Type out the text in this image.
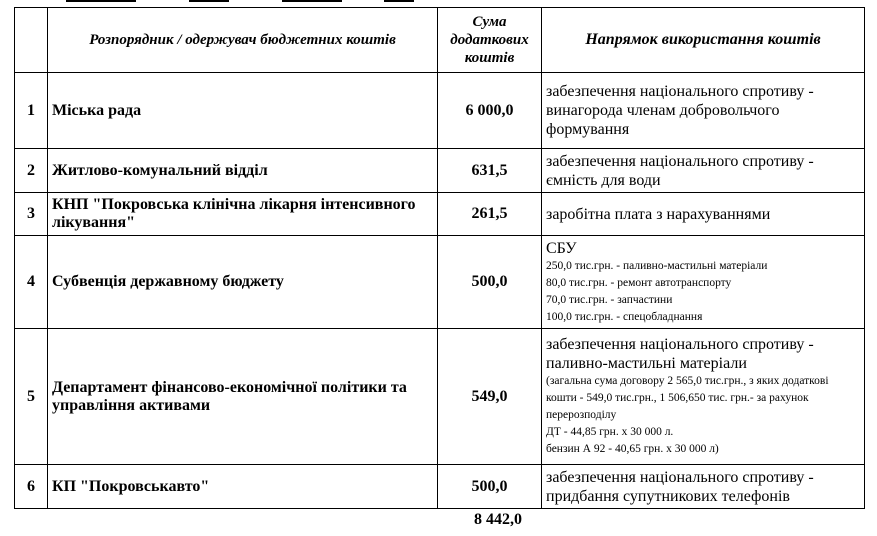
	Розпорядник / одержувач бюджетних коштів	Сума додаткових коштів	Напрямок використання коштів
1	Міська рада	6 000,0	забезпечення національного спротиву - винагорода членам добровольчого формування
2	Житлово-комунальний відділ	631,5	забезпечення національного спротиву - ємність для води
3	КНП "Покровська клінічна лікарня інтенсивного лікування"	261,5	заробітна плата з нарахуваннями
4	Субвенція державному бюджету	500,0	СБУ
250,0 тис.грн. - паливно-мастильні матеріали
80,0 тис.грн. - ремонт автотранспорту
70,0 тис.грн. - запчастини
100,0 тис.грн. - спецобладнання

5	Департамент фінансово-економічної політики та управління активами	549,0	забезпечення національного спротиву - паливно-мастильні матеріали
(загальна сума договору 2 565,0 тис.грн., з яких додаткові кошти - 549,0 тис.грн., 1 506,650 тис. грн.- за рахунок перерозподілу
ДТ - 44,85 грн. х 30 000 л.
бензин А 92 - 40,65 грн. х 30 000 л)

6	КП "Покровськавто"	500,0	забезпечення національного спротиву - придбання супутникових телефонів
8 442,0
